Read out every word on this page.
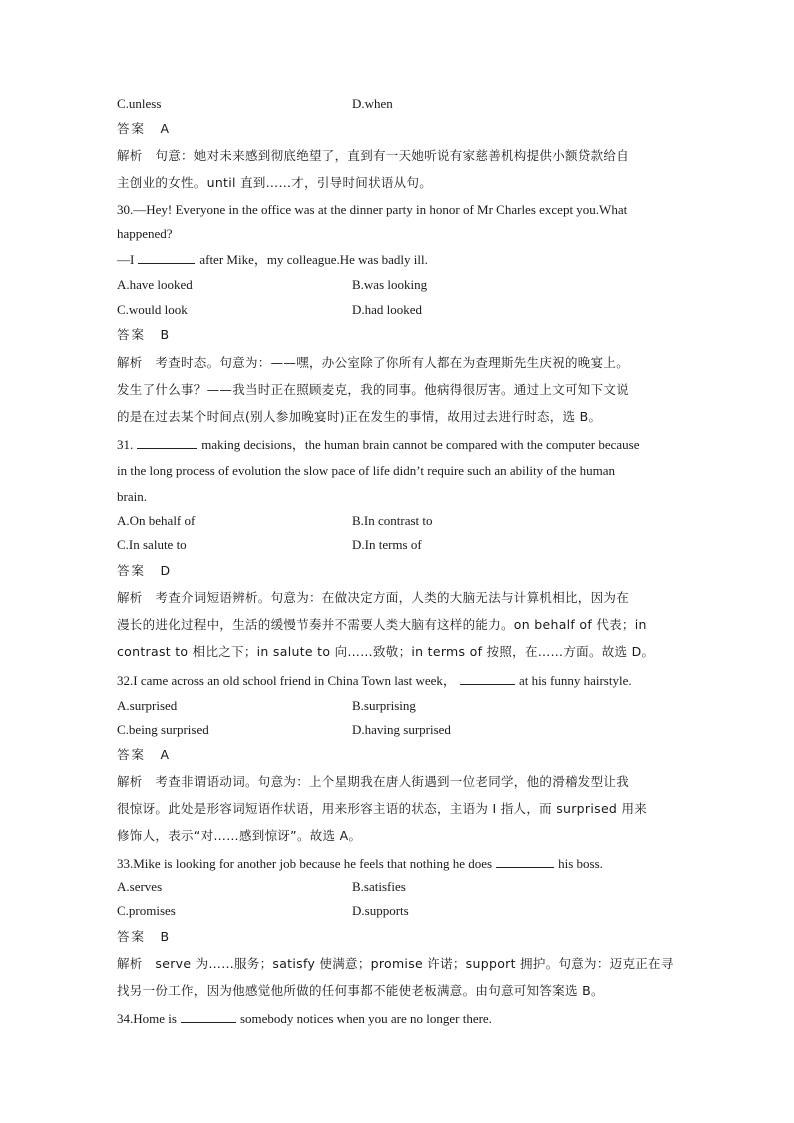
C.unless	D.when
答案　A
解析　句意：她对未来感到彻底绝望了，直到有一天她听说有家慈善机构提供小额贷款给自
主创业的女性。until 直到……才，引导时间状语从句。
30.—Hey! Everyone in the office was at the dinner party in honor of Mr Charles except you.What
happened?
—I	after Mike，my colleague.He was badly ill.
A.have looked	B.was looking
C.would look	D.had looked
答案　B
解析　考查时态。句意为：——嘿，办公室除了你所有人都在为查理斯先生庆祝的晚宴上。
发生了什么事？——我当时正在照顾麦克，我的同事。他病得很厉害。通过上文可知下文说
的是在过去某个时间点(别人参加晚宴时)正在发生的事情，故用过去进行时态，选 B。
31.	making decisions，the human brain cannot be compared with the computer because
in the long process of evolution the slow pace of life didn’t require such an ability of the human
brain.
A.On behalf of	B.In contrast to
C.In salute to	D.In terms of
答案　D
解析　考查介词短语辨析。句意为：在做决定方面，人类的大脑无法与计算机相比，因为在
漫长的进化过程中，生活的缓慢节奏并不需要人类大脑有这样的能力。on behalf of 代表；in
contrast to 相比之下；in salute to 向……致敬；in terms of 按照，在……方面。故选 D。
32.I came across an old school friend in China Town last week，	at his funny hairstyle.
A.surprised	B.surprising
C.being surprised	D.having surprised
答案　A
解析　考查非谓语动词。句意为：上个星期我在唐人街遇到一位老同学，他的滑稽发型让我
很惊讶。此处是形容词短语作状语，用来形容主语的状态，主语为 I 指人，而 surprised 用来
修饰人，表示“对……感到惊讶”。故选 A。
33.Mike is looking for another job because he feels that nothing he does	his boss.
A.serves	B.satisfies
C.promises	D.supports
答案　B
解析　serve 为……服务；satisfy 使满意；promise 许诺；support 拥护。句意为：迈克正在寻
找另一份工作，因为他感觉他所做的任何事都不能使老板满意。由句意可知答案选 B。
34.Home is	somebody notices when you are no longer there.
